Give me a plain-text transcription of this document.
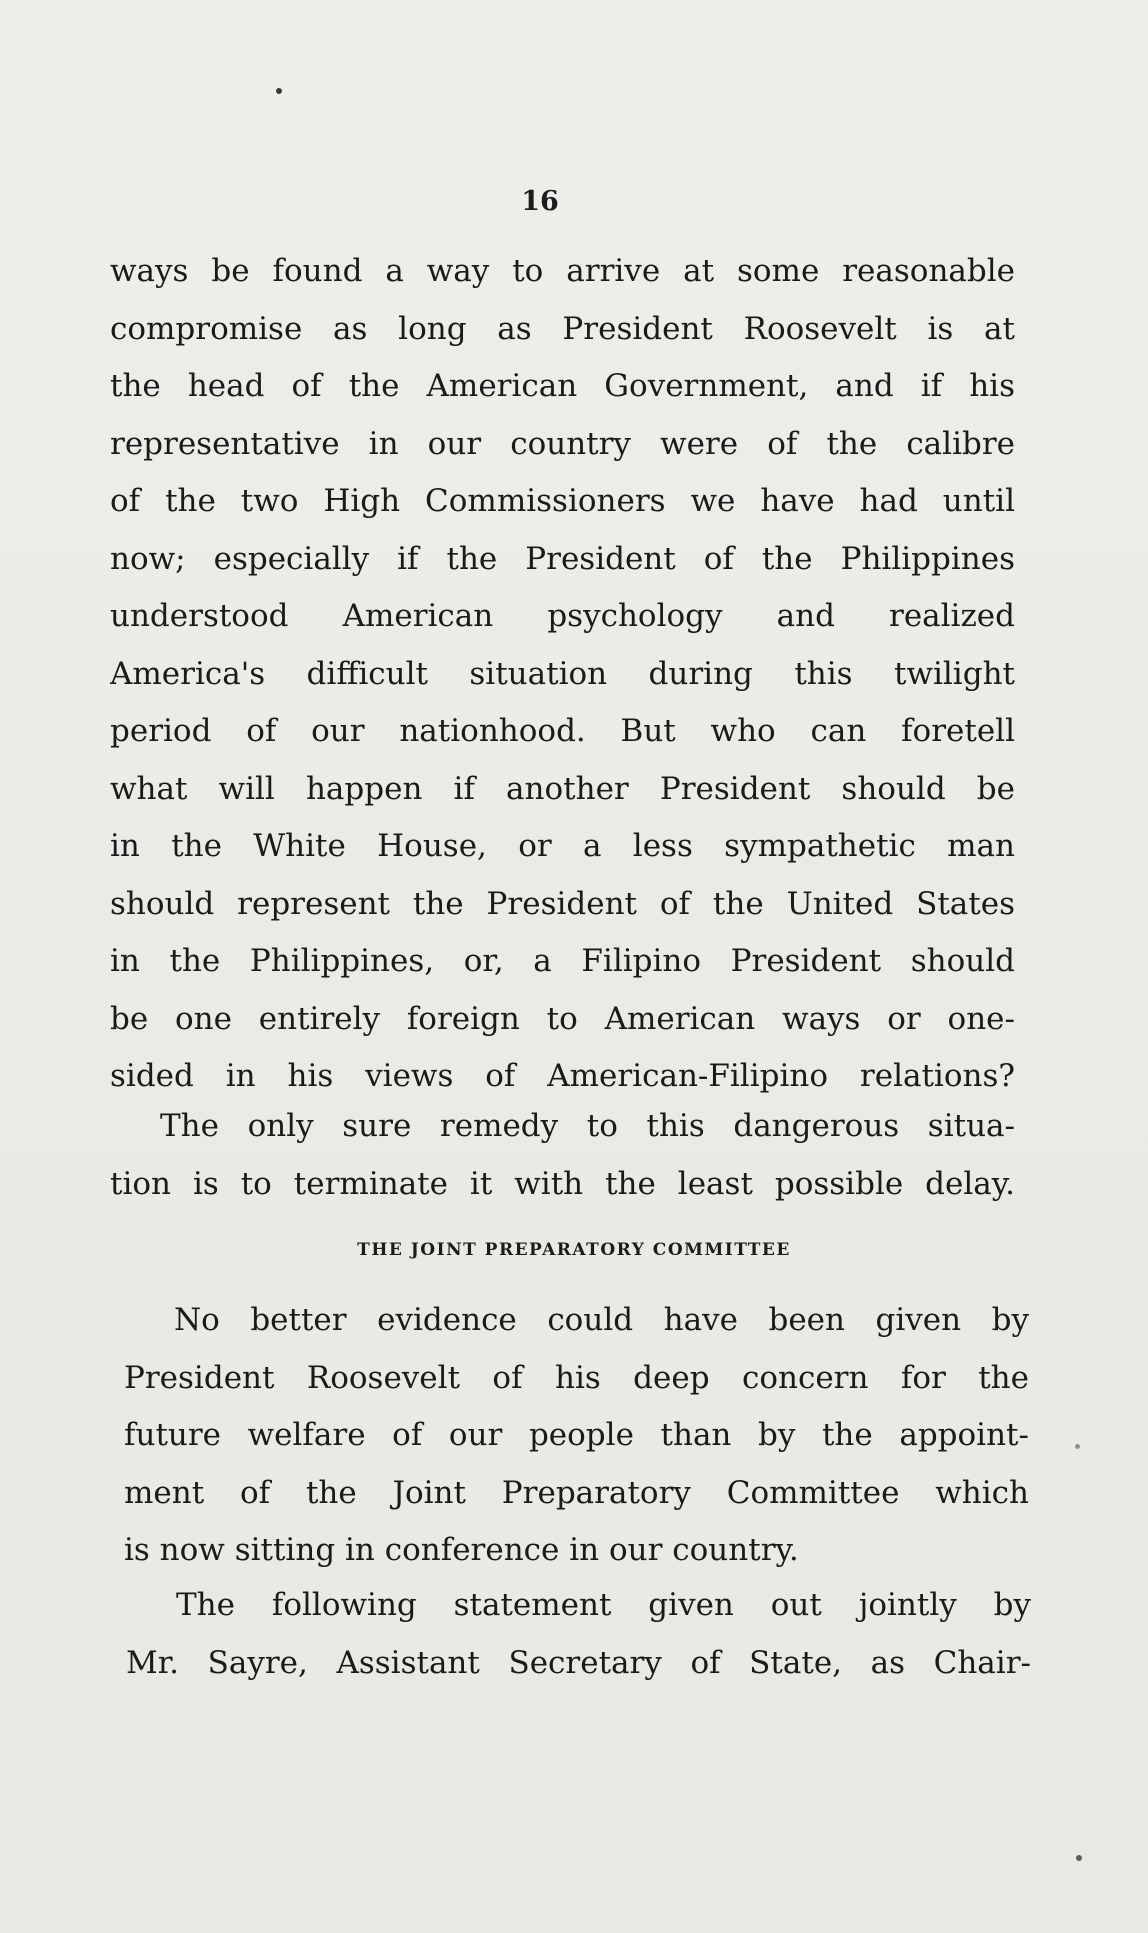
16
ways be found a way to arrive at some reasonable
compromise as long as President Roosevelt is at
the head of the American Government, and if his
representative in our country were of the calibre
of the two High Commissioners we have had until
now; especially if the President of the Philippines
understood American psychology and realized
America's difficult situation during this twilight
period of our nationhood. But who can foretell
what will happen if another President should be
in the White House, or a less sympathetic man
should represent the President of the United States
in the Philippines, or, a Filipino President should
be one entirely foreign to American ways or one-
sided in his views of American-Filipino relations?
The only sure remedy to this dangerous situa-
tion is to terminate it with the least possible delay.
THE JOINT PREPARATORY COMMITTEE
No better evidence could have been given by
President Roosevelt of his deep concern for the
future welfare of our people than by the appoint-
ment of the Joint Preparatory Committee which
is now sitting in conference in our country.
The following statement given out jointly by
Mr. Sayre, Assistant Secretary of State, as Chair-
